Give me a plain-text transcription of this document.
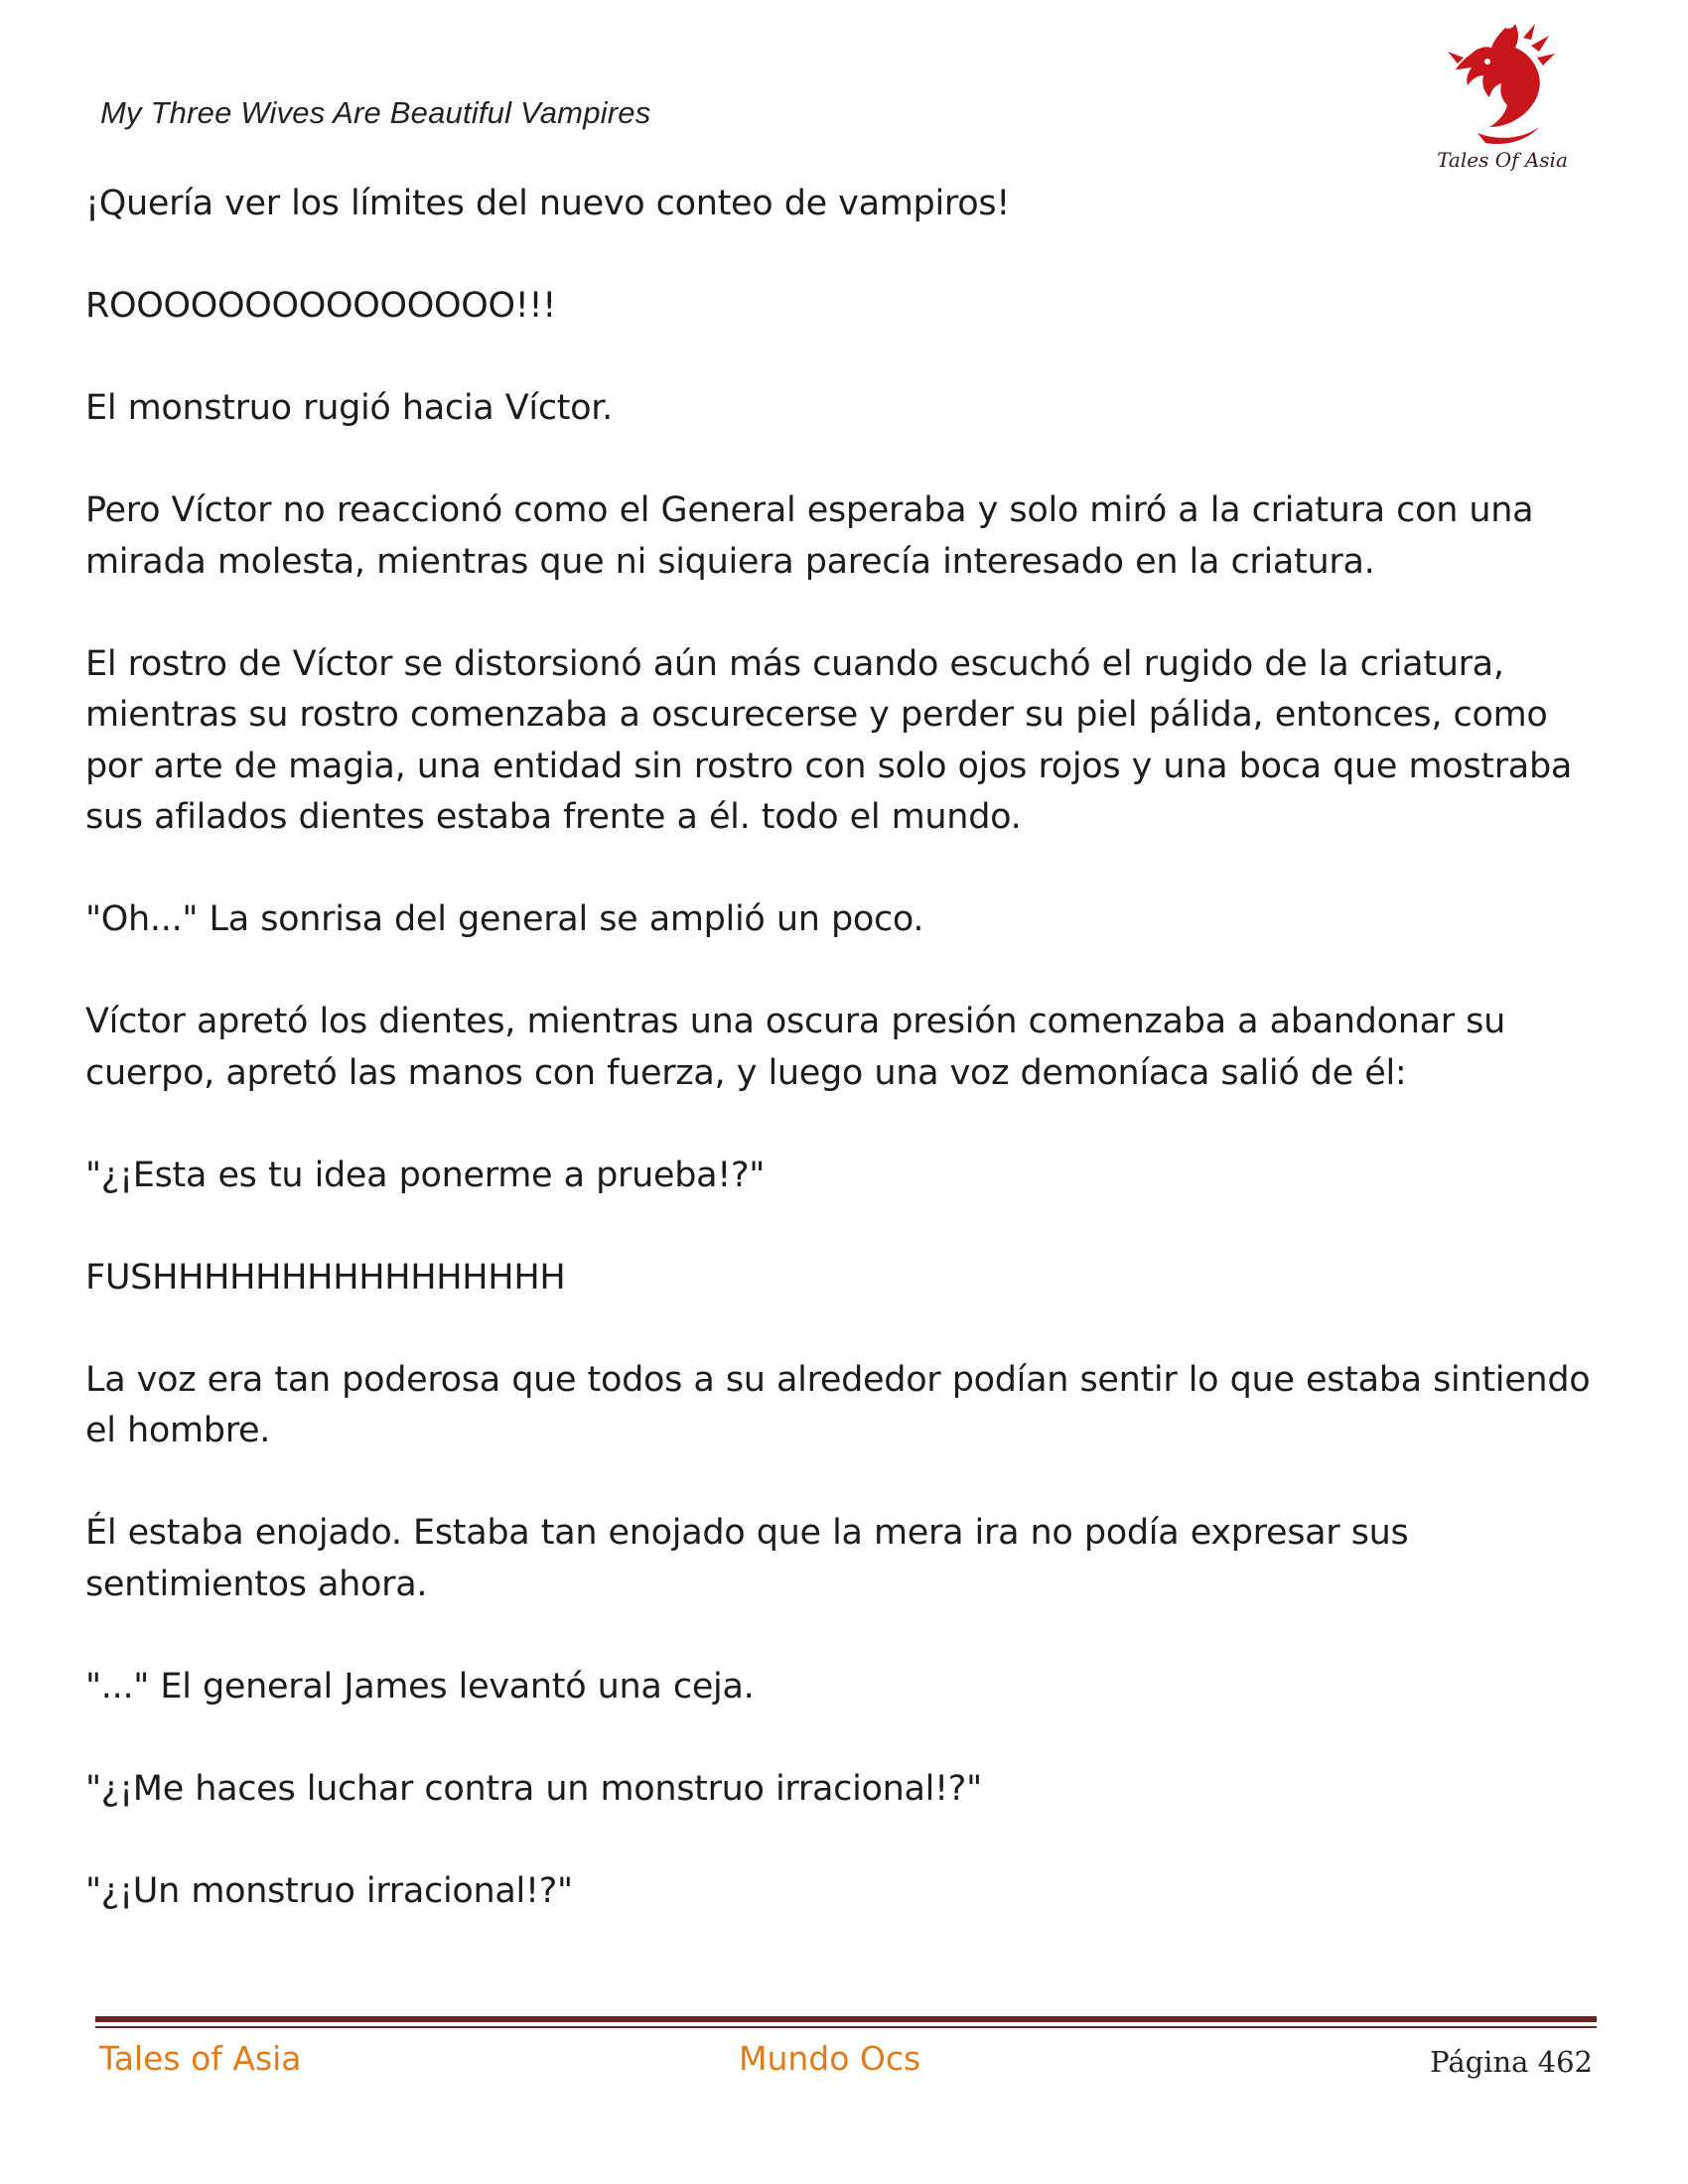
My Three Wives Are Beautiful Vampires
Tales Of Asia

¡Quería ver los límites del nuevo conteo de vampiros!

ROOOOOOOOOOOOOOO!!!

El monstruo rugió hacia Víctor.

Pero Víctor no reaccionó como el General esperaba y solo miró a la criatura con una mirada molesta, mientras que ni siquiera parecía interesado en la criatura.

El rostro de Víctor se distorsionó aún más cuando escuchó el rugido de la criatura, mientras su rostro comenzaba a oscurecerse y perder su piel pálida, entonces, como por arte de magia, una entidad sin rostro con solo ojos rojos y una boca que mostraba sus afilados dientes estaba frente a él. todo el mundo.

"Oh..." La sonrisa del general se amplió un poco.

Víctor apretó los dientes, mientras una oscura presión comenzaba a abandonar su cuerpo, apretó las manos con fuerza, y luego una voz demoníaca salió de él:

"¿¡Esta es tu idea ponerme a prueba!?"

FUSHHHHHHHHHHHHHHHH

La voz era tan poderosa que todos a su alrededor podían sentir lo que estaba sintiendo el hombre.

Él estaba enojado. Estaba tan enojado que la mera ira no podía expresar sus sentimientos ahora.

"..." El general James levantó una ceja.

"¿¡Me haces luchar contra un monstruo irracional!?"

"¿¡Un monstruo irracional!?"

Tales of Asia	Mundo Ocs	Página 462
